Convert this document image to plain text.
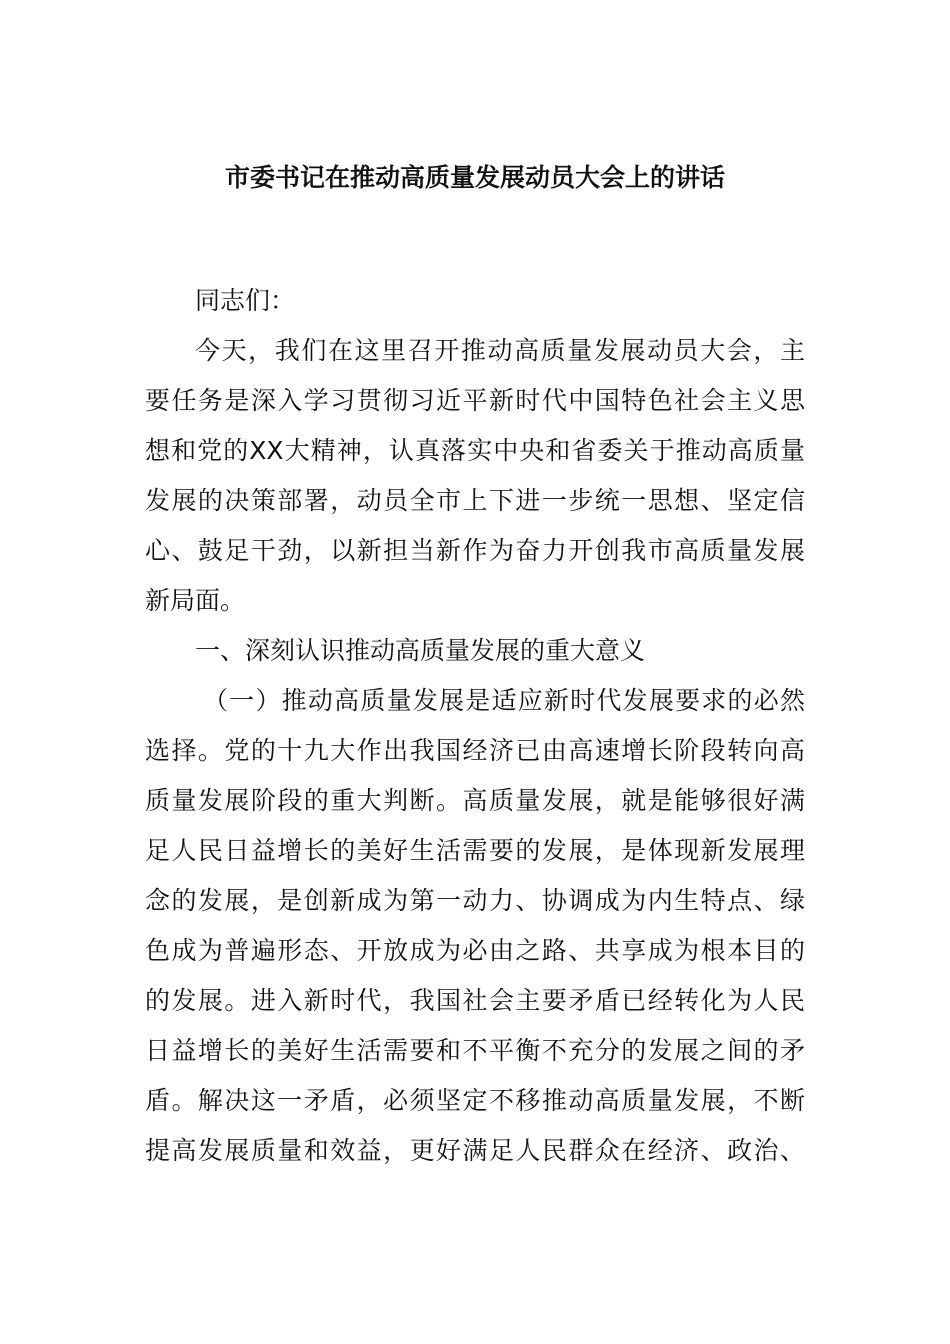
市委书记在推动高质量发展动员大会上的讲话
同志们：
今天，我们在这里召开推动高质量发展动员大会，主
要任务是深入学习贯彻习近平新时代中国特色社会主义思
想和党的XX大精神，认真落实中央和省委关于推动高质量
发展的决策部署，动员全市上下进一步统一思想、坚定信
心、鼓足干劲，以新担当新作为奋力开创我市高质量发展
新局面。
一、深刻认识推动高质量发展的重大意义
（一）推动高质量发展是适应新时代发展要求的必然
选择。党的十九大作出我国经济已由高速增长阶段转向高
质量发展阶段的重大判断。高质量发展，就是能够很好满
足人民日益增长的美好生活需要的发展，是体现新发展理
念的发展，是创新成为第一动力、协调成为内生特点、绿
色成为普遍形态、开放成为必由之路、共享成为根本目的
的发展。进入新时代，我国社会主要矛盾已经转化为人民
日益增长的美好生活需要和不平衡不充分的发展之间的矛
盾。解决这一矛盾，必须坚定不移推动高质量发展，不断
提高发展质量和效益，更好满足人民群众在经济、政治、
